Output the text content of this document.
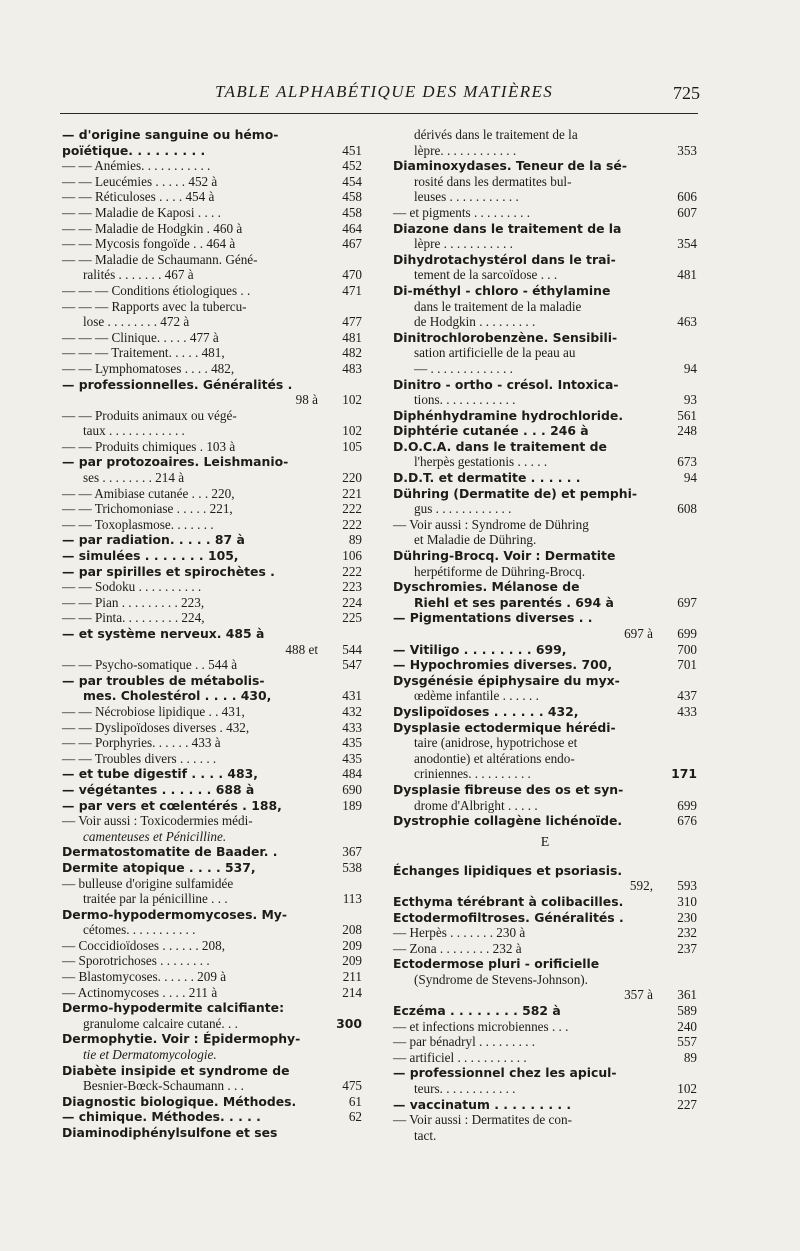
TABLE ALPHABÉTIQUE DES MATIÈRES	725
— d'origine sanguine ou hémo-
poïétique. . . . . . . . .	451
— — Anémies. . . . . . . . . . .	452
— — Leucémies . . . . . 452 à	454
— — Réticuloses . . . . 454 à	458
— — Maladie de Kaposi . . . .	458
— — Maladie de Hodgkin . 460 à	464
— — Mycosis fongoïde . . 464 à	467
— — Maladie de Schaumann. Géné-
ralités . . . . . . . 467 à	470
— — — Conditions étiologiques . .	471
— — — Rapports avec la tubercu-
lose . . . . . . . . 472 à	477
— — — Clinique. . . . . 477 à	481
— — — Traitement. . . . . 481,	482
— — Lymphomatoses . . . . 482,	483
— professionnelles. Généralités .
98 à 102
— — Produits animaux ou végé-
taux . . . . . . . . . . . .	102
— — Produits chimiques . 103 à	105
— par protozoaires. Leishmanio-
ses . . . . . . . . 214 à	220
— — Amibiase cutanée . . . 220,	221
— — Trichomoniase . . . . . 221,	222
— — Toxoplasmose. . . . . . .	222
— par radiation. . . . . 87 à	89
— simulées . . . . . . . 105,	106
— par spirilles et spirochètes .	222
— — Sodoku . . . . . . . . . .	223
— — Pian . . . . . . . . . 223,	224
— — Pinta. . . . . . . . . 224,	225
— et système nerveux. 485 à
488 et 544
— — Psycho-somatique . . 544 à	547
— par troubles de métabolis-
mes. Cholestérol . . . . 430,	431
— — Nécrobiose lipidique . . 431,	432
— — Dyslipoïdoses diverses . 432,	433
— — Porphyries. . . . . . 433 à	435
— — Troubles divers . . . . . .	435
— et tube digestif . . . . 483,	484
— végétantes . . . . . . 688 à	690
— par vers et cœlentérés . 188,	189
— Voir aussi : Toxicodermies médi-
camenteuses et Pénicilline.
Dermatostomatite de Baader. .	367
Dermite atopique . . . . 537,	538
— bulleuse d'origine sulfamidée
traitée par la pénicilline . . .	113
Dermo-hypodermomycoses. My-
cétomes. . . . . . . . . . .	208
— Coccidioïdoses . . . . . . 208,	209
— Sporotrichoses . . . . . . . .	209
— Blastomycoses. . . . . . 209 à	211
— Actinomycoses . . . . 211 à	214
Dermo-hypodermite calcifiante:
granulome calcaire cutané. . .	300
Dermophytie. Voir : Épidermophy-
tie et Dermatomycologie.
Diabète insipide et syndrome de
Besnier-Bœck-Schaumann . . .	475
Diagnostic biologique. Méthodes.	61
— chimique. Méthodes. . . . .	62
Diaminodiphénylsulfone et ses
dérivés dans le traitement de la
lèpre. . . . . . . . . . . .	353
Diaminoxydases. Teneur de la sé-
rosité dans les dermatites bul-
leuses . . . . . . . . . . .	606
— et pigments . . . . . . . . .	607
Diazone dans le traitement de la
lèpre . . . . . . . . . . .	354
Dihydrotachystérol dans le trai-
tement de la sarcoïdose . . .	481
Di-méthyl - chloro - éthylamine
dans le traitement de la maladie
de Hodgkin . . . . . . . . .	463
Dinitrochlorobenzène. Sensibili-
sation artificielle de la peau au
— . . . . . . . . . . . . .	94
Dinitro - ortho - crésol. Intoxica-
tions. . . . . . . . . . . .	93
Diphénhydramine hydrochloride.	561
Diphtérie cutanée . . . 246 à	248
D.O.C.A. dans le traitement de
l'herpès gestationis . . . . .	673
D.D.T. et dermatite . . . . . .	94
Dühring (Dermatite de) et pemphi-
gus . . . . . . . . . . . .	608
— Voir aussi : Syndrome de Dühring
et Maladie de Dühring.
Dühring-Brocq. Voir : Dermatite
herpétiforme de Dühring-Brocq.
Dyschromies. Mélanose de
Riehl et ses parentés . 694 à	697
— Pigmentations diverses . .
697 à 699
— Vitiligo . . . . . . . . 699,	700
— Hypochromies diverses. 700,	701
Dysgénésie épiphysaire du myx-
œdème infantile . . . . . .	437
Dyslipoïdoses . . . . . . 432,	433
Dysplasie ectodermique hérédi-
taire (anidrose, hypotrichose et
anodontie) et altérations endo-
criniennes. . . . . . . . . .	171
Dysplasie fibreuse des os et syn-
drome d'Albright . . . . .	699
Dystrophie collagène lichénoïde.	676
E
Échanges lipidiques et psoriasis.
592, 593
Ecthyma térébrant à colibacilles.	310
Ectodermofiltroses. Généralités .	230
— Herpès . . . . . . . 230 à	232
— Zona . . . . . . . . 232 à	237
Ectodermose pluri - orificielle
(Syndrome de Stevens-Johnson).
357 à 361
Eczéma . . . . . . . . 582 à	589
— et infections microbiennes . . .	240
— par bénadryl . . . . . . . . .	557
— artificiel . . . . . . . . . . .	89
— professionnel chez les apicul-
teurs. . . . . . . . . . . .	102
— vaccinatum . . . . . . . . .	227
— Voir aussi : Dermatites de con-
tact.
